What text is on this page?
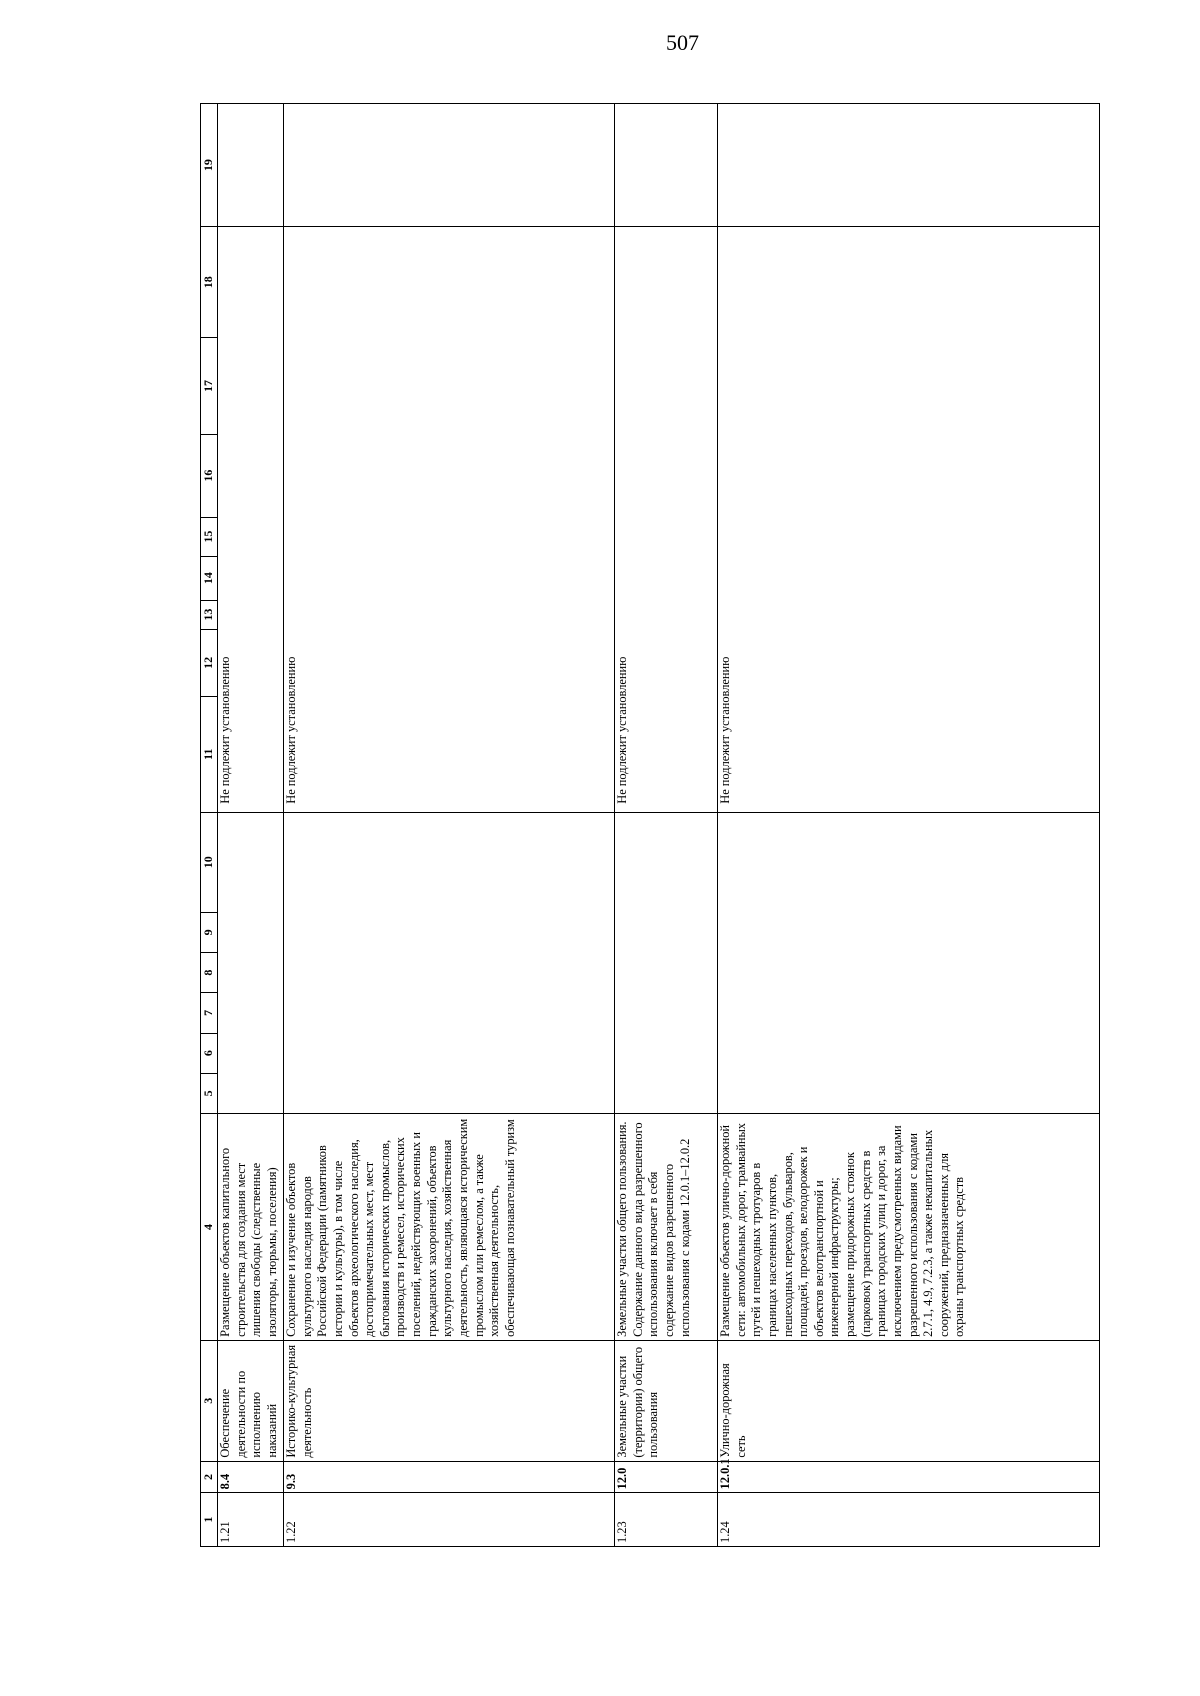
507
1	2	3	4	5	6	7	8	9	10	11	12	13	14	15	16	17	18	19
1.21	8.4	Обеспечение деятельности по исполнению наказаний	Размещение объектов капитального строительства для создания мест лишения свободы (следственные изоляторы, тюрьмы, поселения)							Не подлежит установлению								
1.22	9.3	Историко-культурная деятельность	Сохранение и изучение объектов культурного наследия народов Российской Федерации (памятников истории и культуры), в том числе объектов археологического наследия, достопримечательных мест, мест бытования исторических промыслов, производств и ремесел, исторических поселений, недействующих военных и гражданских захоронений, объектов культурного наследия, хозяйственная деятельность, являющаяся историческим промыслом или ремеслом, а также хозяйственная деятельность, обеспечивающая познавательный туризм							Не подлежит установлению								
1.23	12.0	Земельные участки (территории) общего пользования	Земельные участки общего пользования. Содержание данного вида разрешенного использования включает в себя содержание видов разрешенного использования с кодами 12.0.1–12.0.2							Не подлежит установлению								
1.24	12.0.1	Улично-дорожная сеть	Размещение объектов улично-дорожной сети: автомобильных дорог, трамвайных путей и пешеходных тротуаров в границах населенных пунктов, пешеходных переходов, бульваров, площадей, проездов, велодорожек и объектов велотранспортной и инженерной инфраструктуры; размещение придорожных стоянок (парковок) транспортных средств в границах городских улиц и дорог, за исключением предусмотренных видами разрешенного использования с кодами 2.7.1, 4.9, 7.2.3, а также некапитальных сооружений, предназначенных для охраны транспортных средств							Не подлежит установлению								
